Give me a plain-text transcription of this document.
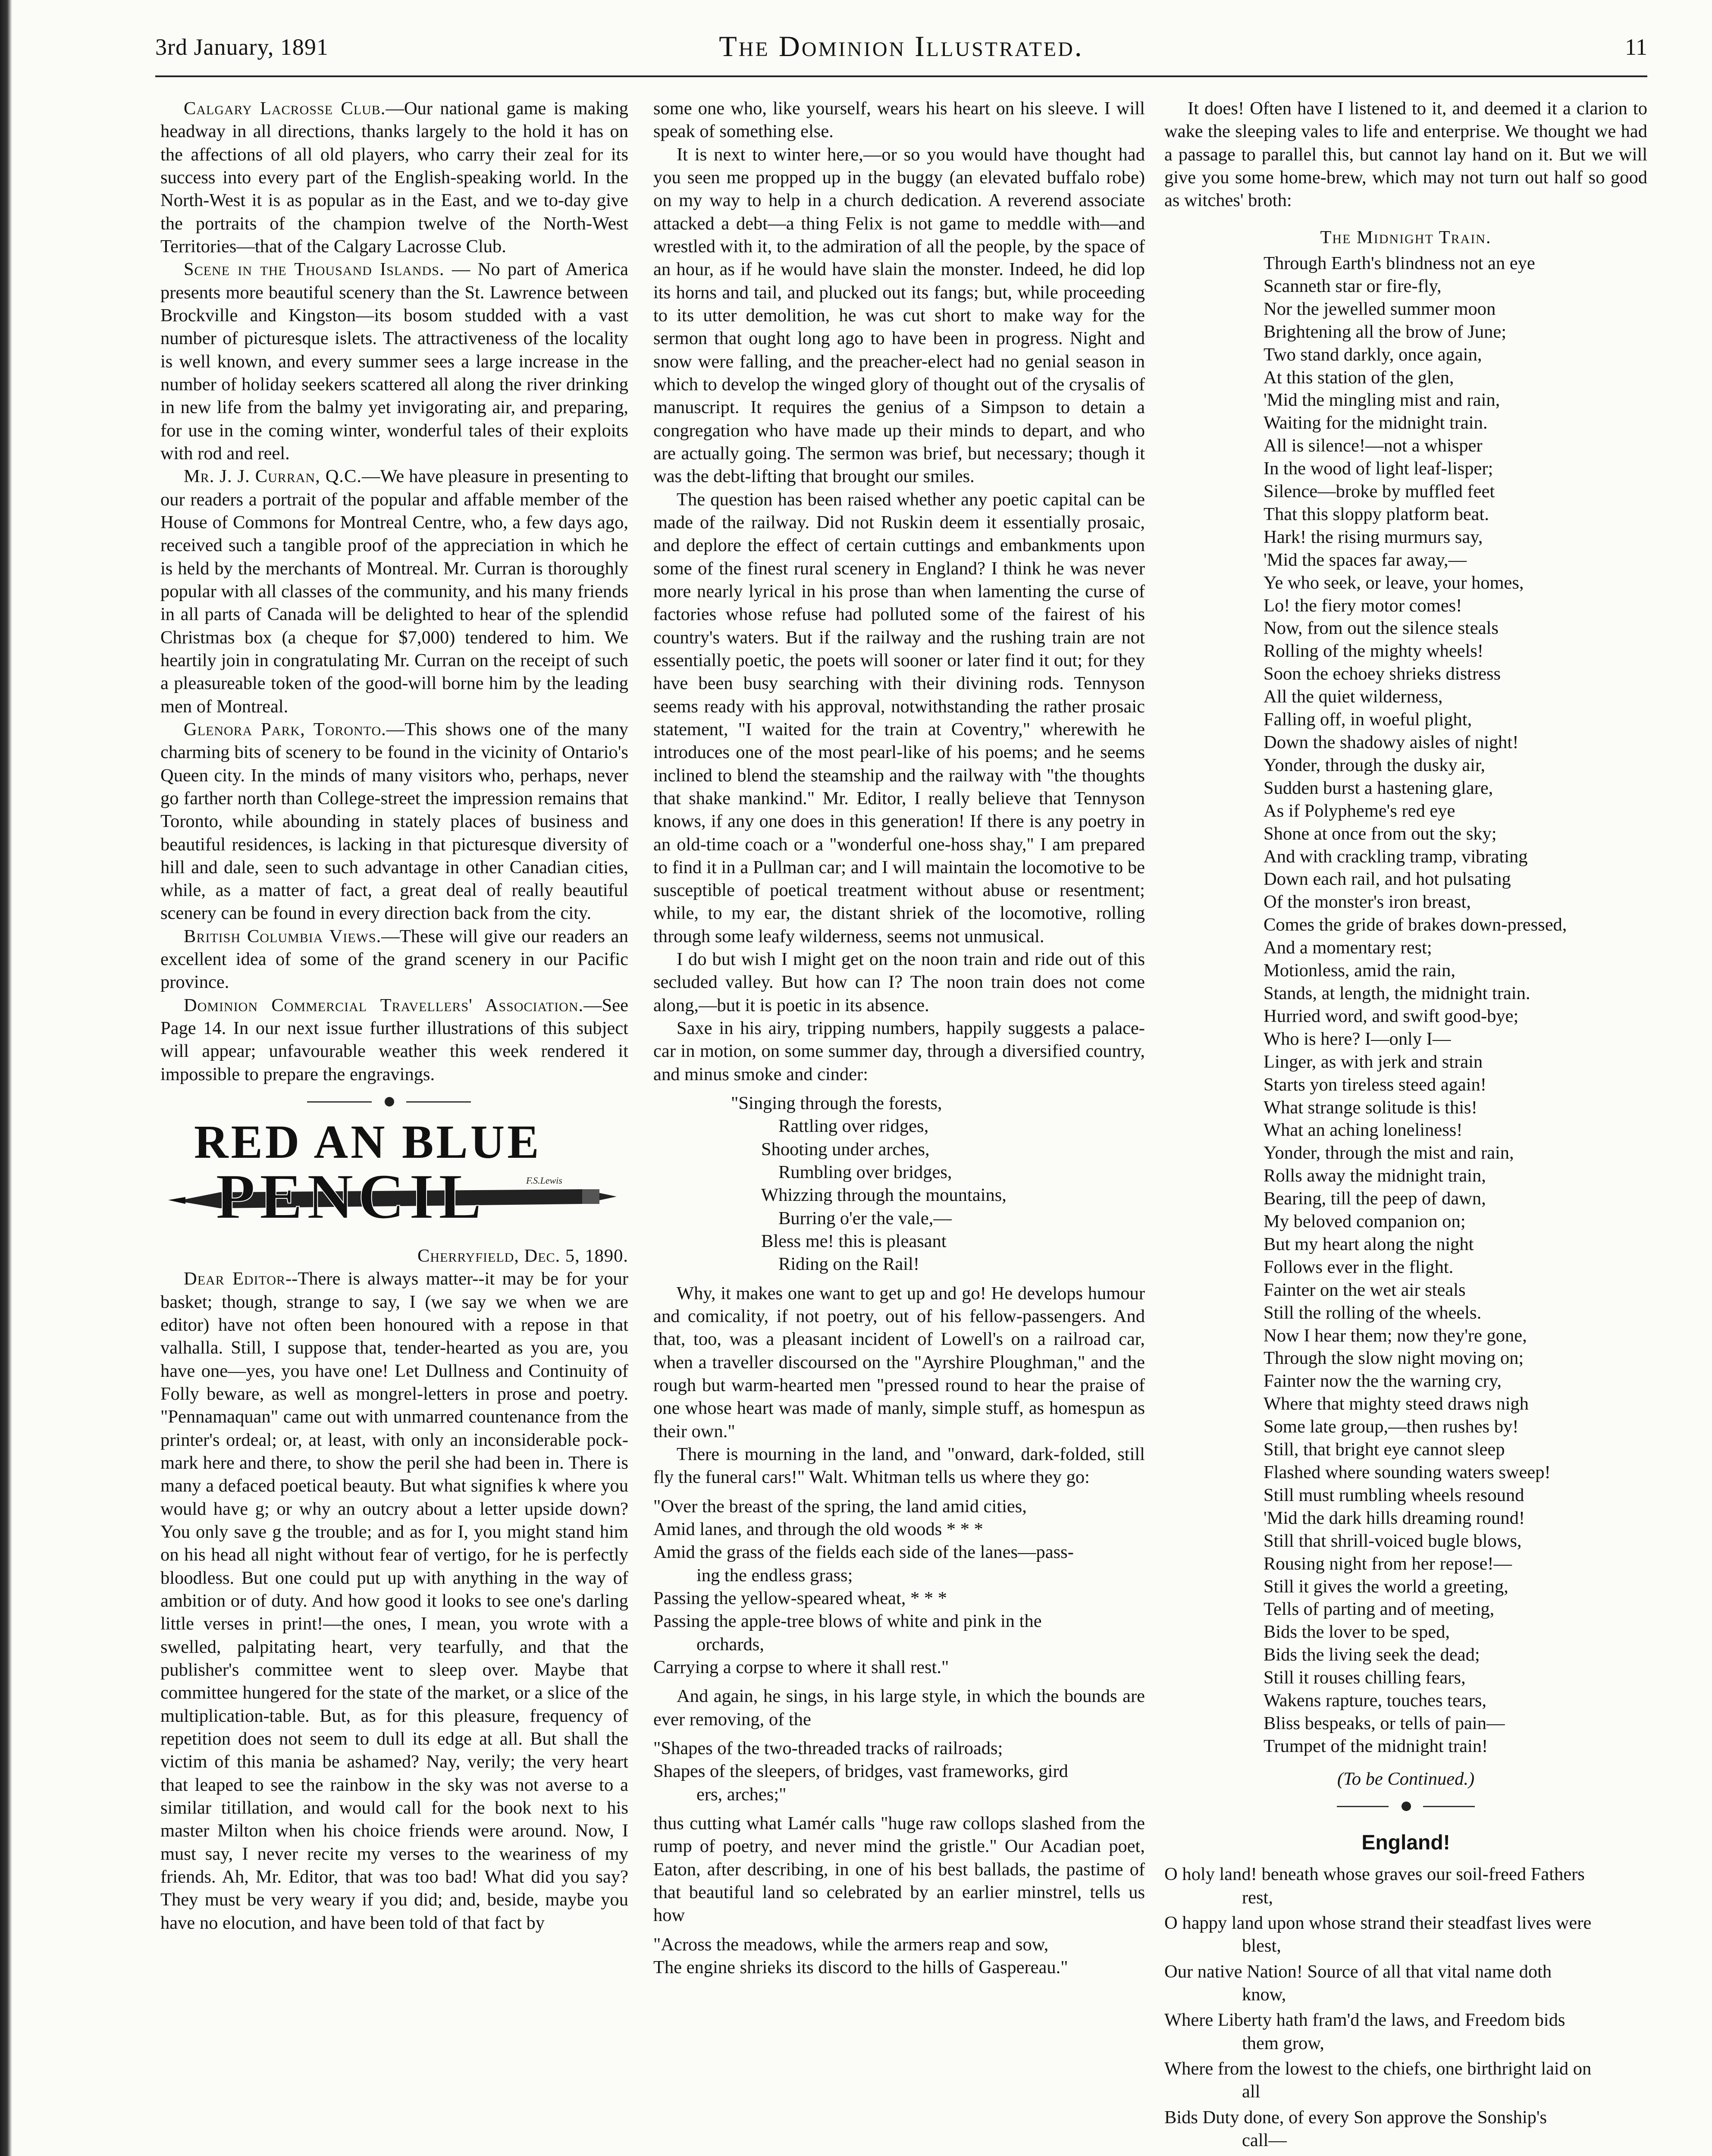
3rd January, 1891	The Dominion Illustrated.	11

Calgary Lacrosse Club.—Our national game is making headway in all directions, thanks largely to the hold it has on the affections of all old players, who carry their zeal for its success into every part of the English-speaking world. In the North-West it is as popular as in the East, and we to-day give the portraits of the champion twelve of the North-West Territories—that of the Calgary Lacrosse Club.

Scene in the Thousand Islands. — No part of America presents more beautiful scenery than the St. Lawrence between Brockville and Kingston—its bosom studded with a vast number of picturesque islets. The attractiveness of the locality is well known, and every summer sees a large increase in the number of holiday seekers scattered all along the river drinking in new life from the balmy yet invigorating air, and preparing, for use in the coming winter, wonderful tales of their exploits with rod and reel.

Mr. J. J. Curran, Q.C.—We have pleasure in presenting to our readers a portrait of the popular and affable member of the House of Commons for Montreal Centre, who, a few days ago, received such a tangible proof of the appreciation in which he is held by the merchants of Montreal. Mr. Curran is thoroughly popular with all classes of the community, and his many friends in all parts of Canada will be delighted to hear of the splendid Christmas box (a cheque for $7,000) tendered to him. We heartily join in congratulating Mr. Curran on the receipt of such a pleasureable token of the good-will borne him by the leading men of Montreal.

Glenora Park, Toronto.—This shows one of the many charming bits of scenery to be found in the vicinity of Ontario's Queen city. In the minds of many visitors who, perhaps, never go farther north than College-street the impression remains that Toronto, while abounding in stately places of business and beautiful residences, is lacking in that picturesque diversity of hill and dale, seen to such advantage in other Canadian cities, while, as a matter of fact, a great deal of really beautiful scenery can be found in every direction back from the city.

British Columbia Views.—These will give our readers an excellent idea of some of the grand scenery in our Pacific province.

Dominion Commercial Travellers' Association.—See Page 14. In our next issue further illustrations of this subject will appear; unfavourable weather this week rendered it impossible to prepare the engravings.

RED AN BLUE
PENCIL	F.S.Lewis

Cherryfield, Dec. 5, 1890.

Dear Editor--There is always matter--it may be for your basket; though, strange to say, I (we say we when we are editor) have not often been honoured with a repose in that valhalla. Still, I suppose that, tender-hearted as you are, you have one—yes, you have one! Let Dullness and Continuity of Folly beware, as well as mongrel-letters in prose and poetry. "Pennamaquan" came out with unmarred countenance from the printer's ordeal; or, at least, with only an inconsiderable pock-mark here and there, to show the peril she had been in. There is many a defaced poetical beauty. But what signifies k where you would have g; or why an outcry about a letter upside down? You only save g the trouble; and as for I, you might stand him on his head all night without fear of vertigo, for he is perfectly bloodless. But one could put up with anything in the way of ambition or of duty. And how good it looks to see one's darling little verses in print!—the ones, I mean, you wrote with a swelled, palpitating heart, very tearfully, and that the publisher's committee went to sleep over. Maybe that committee hungered for the state of the market, or a slice of the multiplication-table. But, as for this pleasure, frequency of repetition does not seem to dull its edge at all. But shall the victim of this mania be ashamed? Nay, verily; the very heart that leaped to see the rainbow in the sky was not averse to a similar titillation, and would call for the book next to his master Milton when his choice friends were around. Now, I must say, I never recite my verses to the weariness of my friends. Ah, Mr. Editor, that was too bad! What did you say? They must be very weary if you did; and, beside, maybe you have no elocution, and have been told of that fact by

some one who, like yourself, wears his heart on his sleeve. I will speak of something else.

It is next to winter here,—or so you would have thought had you seen me propped up in the buggy (an elevated buffalo robe) on my way to help in a church dedication. A reverend associate attacked a debt—a thing Felix is not game to meddle with—and wrestled with it, to the admiration of all the people, by the space of an hour, as if he would have slain the monster. Indeed, he did lop its horns and tail, and plucked out its fangs; but, while proceeding to its utter demolition, he was cut short to make way for the sermon that ought long ago to have been in progress. Night and snow were falling, and the preacher-elect had no genial season in which to develop the winged glory of thought out of the crysalis of manuscript. It requires the genius of a Simpson to detain a congregation who have made up their minds to depart, and who are actually going. The sermon was brief, but necessary; though it was the debt-lifting that brought our smiles.

The question has been raised whether any poetic capital can be made of the railway. Did not Ruskin deem it essentially prosaic, and deplore the effect of certain cuttings and embankments upon some of the finest rural scenery in England? I think he was never more nearly lyrical in his prose than when lamenting the curse of factories whose refuse had polluted some of the fairest of his country's waters. But if the railway and the rushing train are not essentially poetic, the poets will sooner or later find it out; for they have been busy searching with their divining rods. Tennyson seems ready with his approval, notwithstanding the rather prosaic statement, "I waited for the train at Coventry," wherewith he introduces one of the most pearl-like of his poems; and he seems inclined to blend the steamship and the railway with "the thoughts that shake mankind." Mr. Editor, I really believe that Tennyson knows, if any one does in this generation! If there is any poetry in an old-time coach or a "wonderful one-hoss shay," I am prepared to find it in a Pullman car; and I will maintain the locomotive to be susceptible of poetical treatment without abuse or resentment; while, to my ear, the distant shriek of the locomotive, rolling through some leafy wilderness, seems not unmusical.

I do but wish I might get on the noon train and ride out of this secluded valley. But how can I? The noon train does not come along,—but it is poetic in its absence.

Saxe in his airy, tripping numbers, happily suggests a palace-car in motion, on some summer day, through a diversified country, and minus smoke and cinder:

"Singing through the forests,
Rattling over ridges,
Shooting under arches,
Rumbling over bridges,
Whizzing through the mountains,
Burring o'er the vale,—
Bless me! this is pleasant
Riding on the Rail!

Why, it makes one want to get up and go! He develops humour and comicality, if not poetry, out of his fellow-passengers. And that, too, was a pleasant incident of Lowell's on a railroad car, when a traveller discoursed on the "Ayrshire Ploughman," and the rough but warm-hearted men "pressed round to hear the praise of one whose heart was made of manly, simple stuff, as homespun as their own."

There is mourning in the land, and "onward, dark-folded, still fly the funeral cars!" Walt. Whitman tells us where they go:

"Over the breast of the spring, the land amid cities,
Amid lanes, and through the old woods * * *
Amid the grass of the fields each side of the lanes—pass-
ing the endless grass;
Passing the yellow-speared wheat, * * *
Passing the apple-tree blows of white and pink in the
orchards,
Carrying a corpse to where it shall rest."

And again, he sings, in his large style, in which the bounds are ever removing, of the

"Shapes of the two-threaded tracks of railroads;
Shapes of the sleepers, of bridges, vast frameworks, gird
ers, arches;"

thus cutting what Lamér calls "huge raw collops slashed from the rump of poetry, and never mind the gristle." Our Acadian poet, Eaton, after describing, in one of his best ballads, the pastime of that beautiful land so celebrated by an earlier minstrel, tells us how

"Across the meadows, while the armers reap and sow,
The engine shrieks its discord to the hills of Gaspereau."

It does! Often have I listened to it, and deemed it a clarion to wake the sleeping vales to life and enterprise. We thought we had a passage to parallel this, but cannot lay hand on it. But we will give you some home-brew, which may not turn out half so good as witches' broth:

The Midnight Train.
Through Earth's blindness not an eye
Scanneth star or fire-fly,
Nor the jewelled summer moon
Brightening all the brow of June;
Two stand darkly, once again,
At this station of the glen,
'Mid the mingling mist and rain,
Waiting for the midnight train.
All is silence!—not a whisper
In the wood of light leaf-lisper;
Silence—broke by muffled feet
That this sloppy platform beat.
Hark! the rising murmurs say,
'Mid the spaces far away,—
Ye who seek, or leave, your homes,
Lo! the fiery motor comes!
Now, from out the silence steals
Rolling of the mighty wheels!
Soon the echoey shrieks distress
All the quiet wilderness,
Falling off, in woeful plight,
Down the shadowy aisles of night!
Yonder, through the dusky air,
Sudden burst a hastening glare,
As if Polypheme's red eye
Shone at once from out the sky;
And with crackling tramp, vibrating
Down each rail, and hot pulsating
Of the monster's iron breast,
Comes the gride of brakes down-pressed,
And a momentary rest;
Motionless, amid the rain,
Stands, at length, the midnight train.
Hurried word, and swift good-bye;
Who is here? I—only I—
Linger, as with jerk and strain
Starts yon tireless steed again!
What strange solitude is this!
What an aching loneliness!
Yonder, through the mist and rain,
Rolls away the midnight train,
Bearing, till the peep of dawn,
My beloved companion on;
But my heart along the night
Follows ever in the flight.
Fainter on the wet air steals
Still the rolling of the wheels.
Now I hear them; now they're gone,
Through the slow night moving on;
Fainter now the the warning cry,
Where that mighty steed draws nigh
Some late group,—then rushes by!
Still, that bright eye cannot sleep
Flashed where sounding waters sweep!
Still must rumbling wheels resound
'Mid the dark hills dreaming round!
Still that shrill-voiced bugle blows,
Rousing night from her repose!—
Still it gives the world a greeting,
Tells of parting and of meeting,
Bids the lover to be sped,
Bids the living seek the dead;
Still it rouses chilling fears,
Wakens rapture, touches tears,
Bliss bespeaks, or tells of pain—
Trumpet of the midnight train!
(To be Continued.)
England!
O holy land! beneath whose graves our soil-freed Fathers
rest,
O happy land upon whose strand their steadfast lives were
blest,
Our native Nation! Source of all that vital name doth
know,
Where Liberty hath fram'd the laws, and Freedom bids
them grow,
Where from the lowest to the chiefs, one birthright laid on
all
Bids Duty done, of every Son approve the Sonship's
call—
